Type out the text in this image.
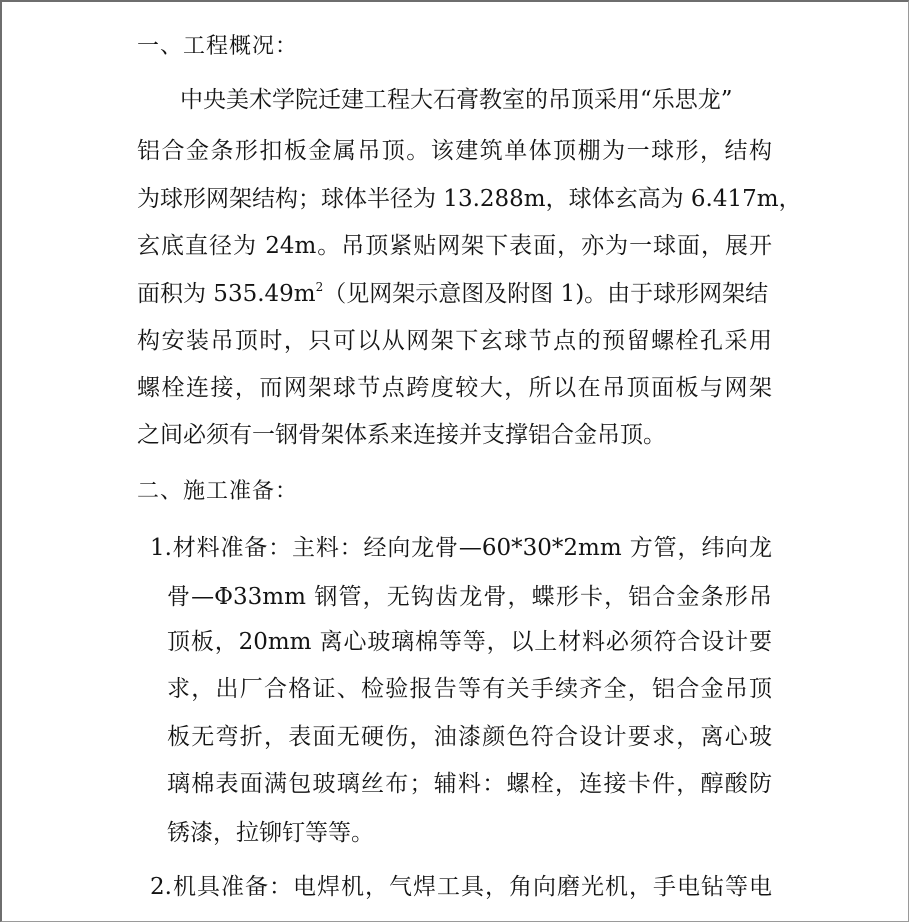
一、工程概况：

中央美术学院迁建工程大石膏教室的吊顶采用“乐思龙”

铝合金条形扣板金属吊顶。该建筑单体顶棚为一球形，结构

为球形网架结构；球体半径为 13.288m，球体玄高为 6.417m，

玄底直径为 24m。吊顶紧贴网架下表面，亦为一球面，展开

面积为 $535.49m^2$（见网架示意图及附图 1)。由于球形网架结

构安装吊顶时，只可以从网架下玄球节点的预留螺栓孔采用

螺栓连接，而网架球节点跨度较大，所以在吊顶面板与网架

之间必须有一钢骨架体系来连接并支撑铝合金吊顶。

二、施工准备：

1.材料准备：主料：经向龙骨—60*30*2mm 方管，纬向龙

骨—Φ33mm 钢管，无钩齿龙骨，蝶形卡，铝合金条形吊

顶板，20mm 离心玻璃棉等等，以上材料必须符合设计要

求，出厂合格证、检验报告等有关手续齐全，铝合金吊顶

板无弯折，表面无硬伤，油漆颜色符合设计要求，离心玻

璃棉表面满包玻璃丝布；辅料：螺栓，连接卡件，醇酸防

锈漆，拉铆钉等等。

2.机具准备：电焊机，气焊工具，角向磨光机，手电钻等电
